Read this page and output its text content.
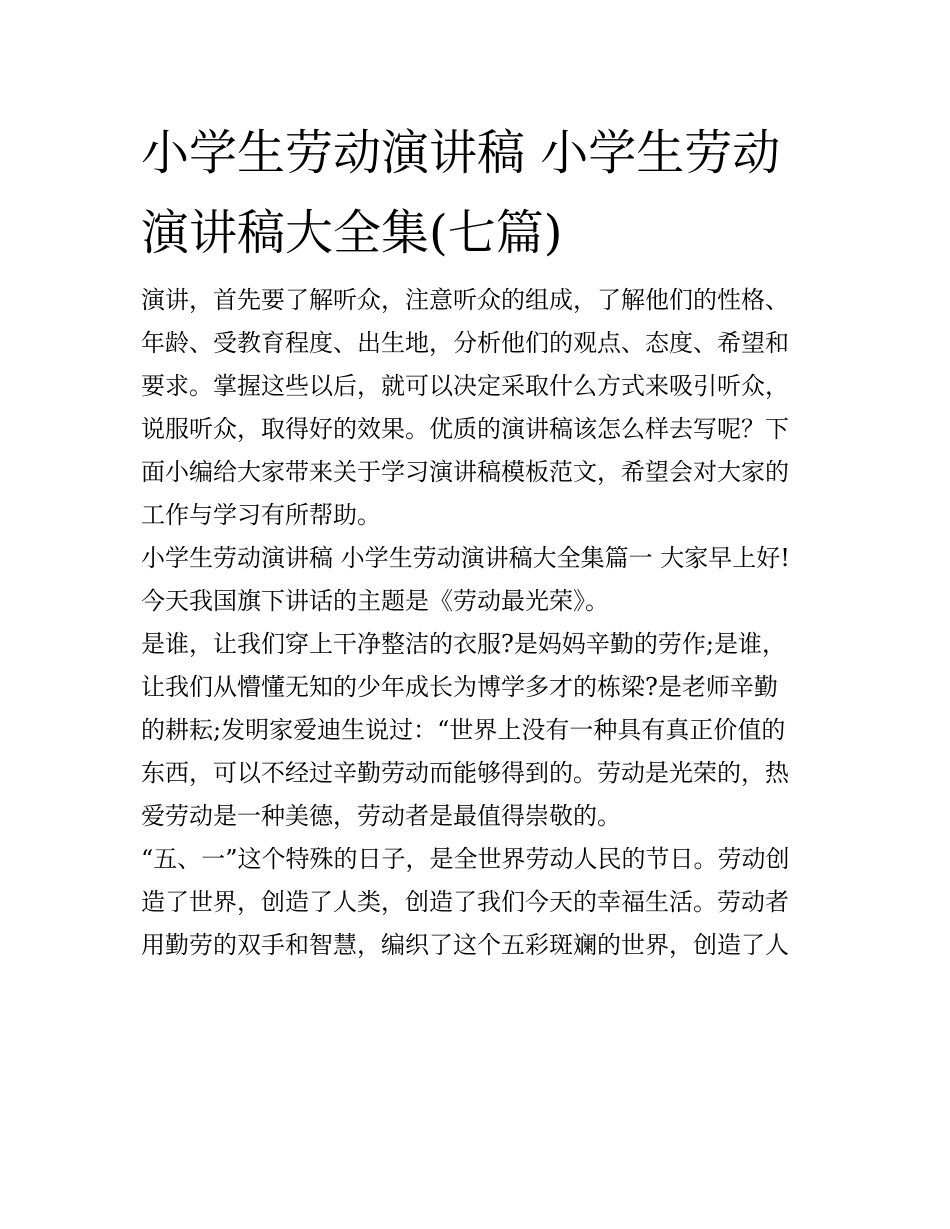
小学生劳动演讲稿 小学生劳动
演讲稿大全集(七篇)

演讲，首先要了解听众，注意听众的组成，了解他们的性格、
年龄、受教育程度、出生地，分析他们的观点、态度、希望和
要求。掌握这些以后，就可以决定采取什么方式来吸引听众，
说服听众，取得好的效果。优质的演讲稿该怎么样去写呢？下
面小编给大家带来关于学习演讲稿模板范文，希望会对大家的
工作与学习有所帮助。

小学生劳动演讲稿 小学生劳动演讲稿大全集篇一 大家早上好!
今天我国旗下讲话的主题是《劳动最光荣》。

是谁，让我们穿上干净整洁的衣服?是妈妈辛勤的劳作;是谁，
让我们从懵懂无知的少年成长为博学多才的栋梁?是老师辛勤
的耕耘;发明家爱迪生说过：“世界上没有一种具有真正价值的
东西，可以不经过辛勤劳动而能够得到的。劳动是光荣的，热
爱劳动是一种美德，劳动者是最值得崇敬的。

“五、一”这个特殊的日子，是全世界劳动人民的节日。劳动创
造了世界，创造了人类，创造了我们今天的幸福生活。劳动者
用勤劳的双手和智慧，编织了这个五彩斑斓的世界，创造了人
